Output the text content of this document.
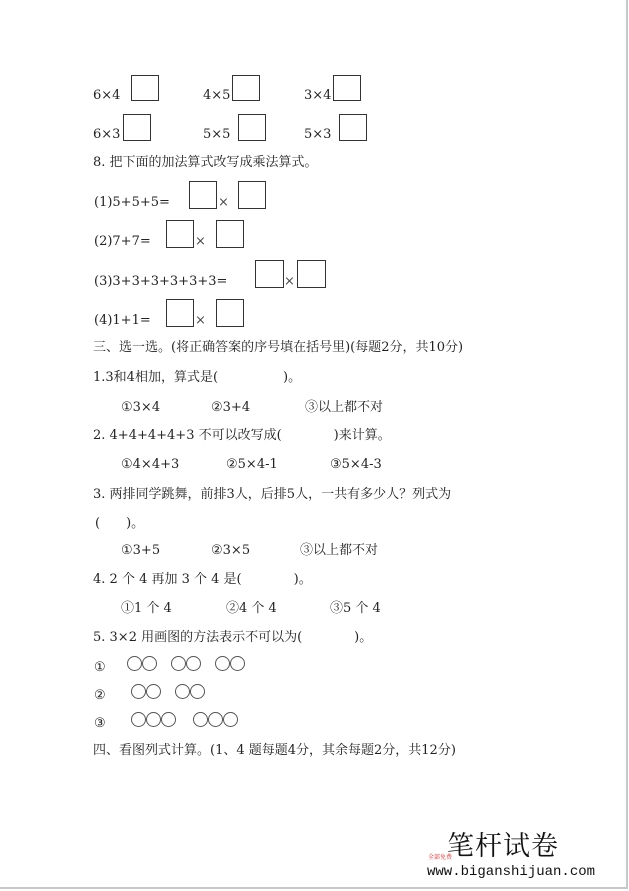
6×4	4×5	3×4
6×3	5×5	5×3
8. 把下面的加法算式改写成乘法算式。
(1)5+5+5=	×
(2)7+7=	×
(3)3+3+3+3+3+3=	×
(4)1+1=	×
三、选一选。(将正确答案的序号填在括号里)(每题2分，共10分)
1.3和4相加，算式是(　　　　　)。
①3×4	②3+4	③以上都不对
2. 4+4+4+4+3 不可以改写成(　　　　)来计算。
①4×4+3	②5×4-1	③5×4-3
3. 两排同学跳舞，前排3人，后排5人，一共有多少人？列式为
(　　)。
①3+5	②3×5	③以上都不对
4. 2 个 4 再加 3 个 4 是(　　　　)。
①1 个 4	②4 个 4	③5 个 4
5. 3×2 用画图的方法表示不可以为(　　　　)。
①
②
③
四、看图列式计算。(1、4 题每题4分，其余每题2分，共12分)
笔杆试卷
全部免费
www.biganshijuan.com
